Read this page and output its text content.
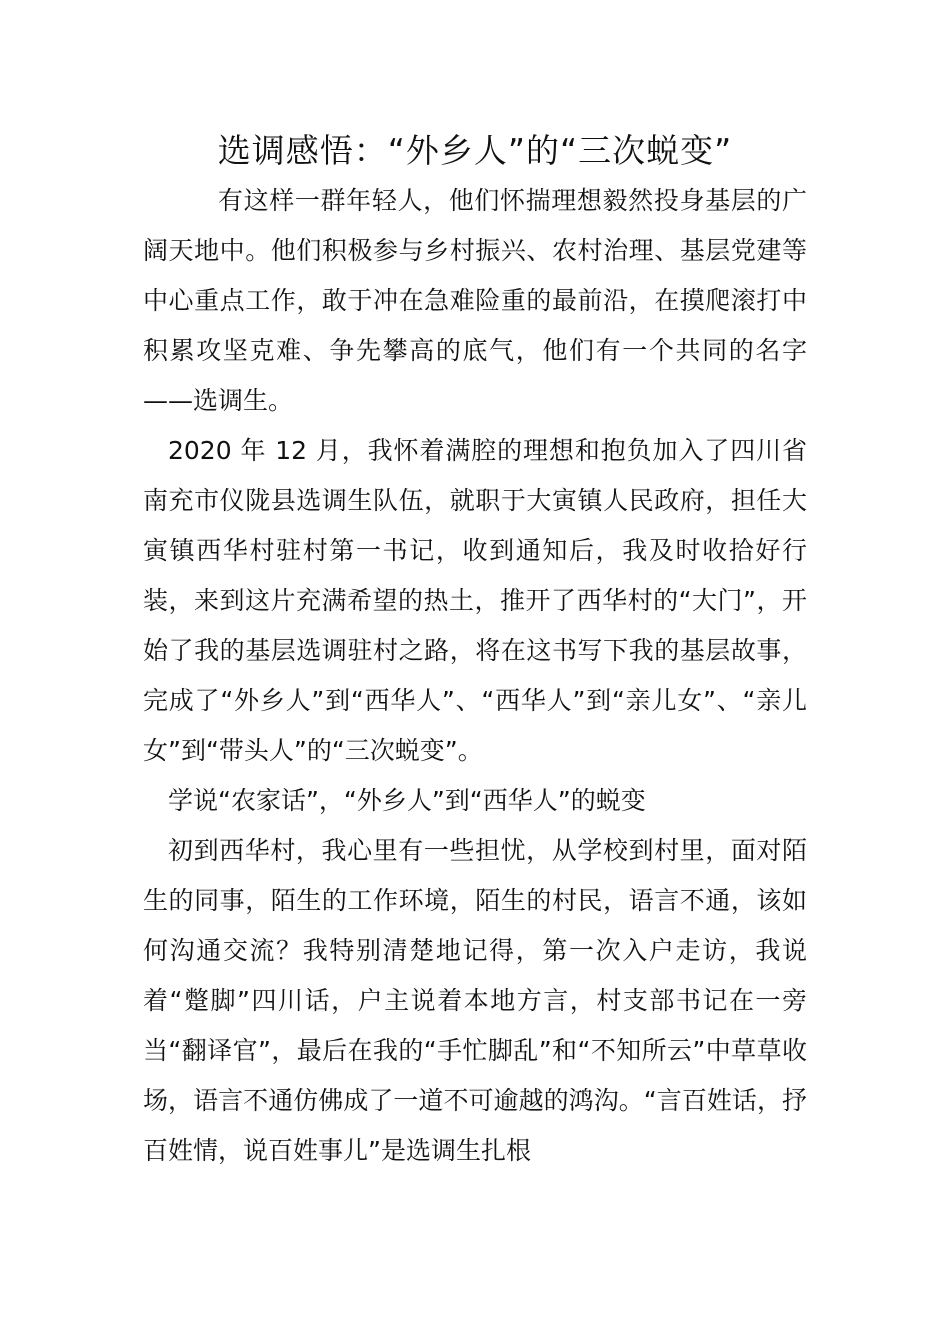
选调感悟：“外乡人”的“三次蜕变”

有这样一群年轻人，他们怀揣理想毅然投身基层的广阔天地中。他们积极参与乡村振兴、农村治理、基层党建等中心重点工作，敢于冲在急难险重的最前沿，在摸爬滚打中积累攻坚克难、争先攀高的底气，他们有一个共同的名字——选调生。

2020 年 12 月，我怀着满腔的理想和抱负加入了四川省南充市仪陇县选调生队伍，就职于大寅镇人民政府，担任大寅镇西华村驻村第一书记，收到通知后，我及时收拾好行装，来到这片充满希望的热土，推开了西华村的“大门”，开始了我的基层选调驻村之路，将在这书写下我的基层故事，完成了“外乡人”到“西华人”、“西华人”到“亲儿女”、“亲儿女”到“带头人”的“三次蜕变”。

学说“农家话”，“外乡人”到“西华人”的蜕变

初到西华村，我心里有一些担忧，从学校到村里，面对陌生的同事，陌生的工作环境，陌生的村民，语言不通，该如何沟通交流？我特别清楚地记得，第一次入户走访，我说着“蹩脚”四川话，户主说着本地方言，村支部书记在一旁当“翻译官”，最后在我的“手忙脚乱”和“不知所云”中草草收场，语言不通仿佛成了一道不可逾越的鸿沟。“言百姓话，抒百姓情，说百姓事儿”是选调生扎根
